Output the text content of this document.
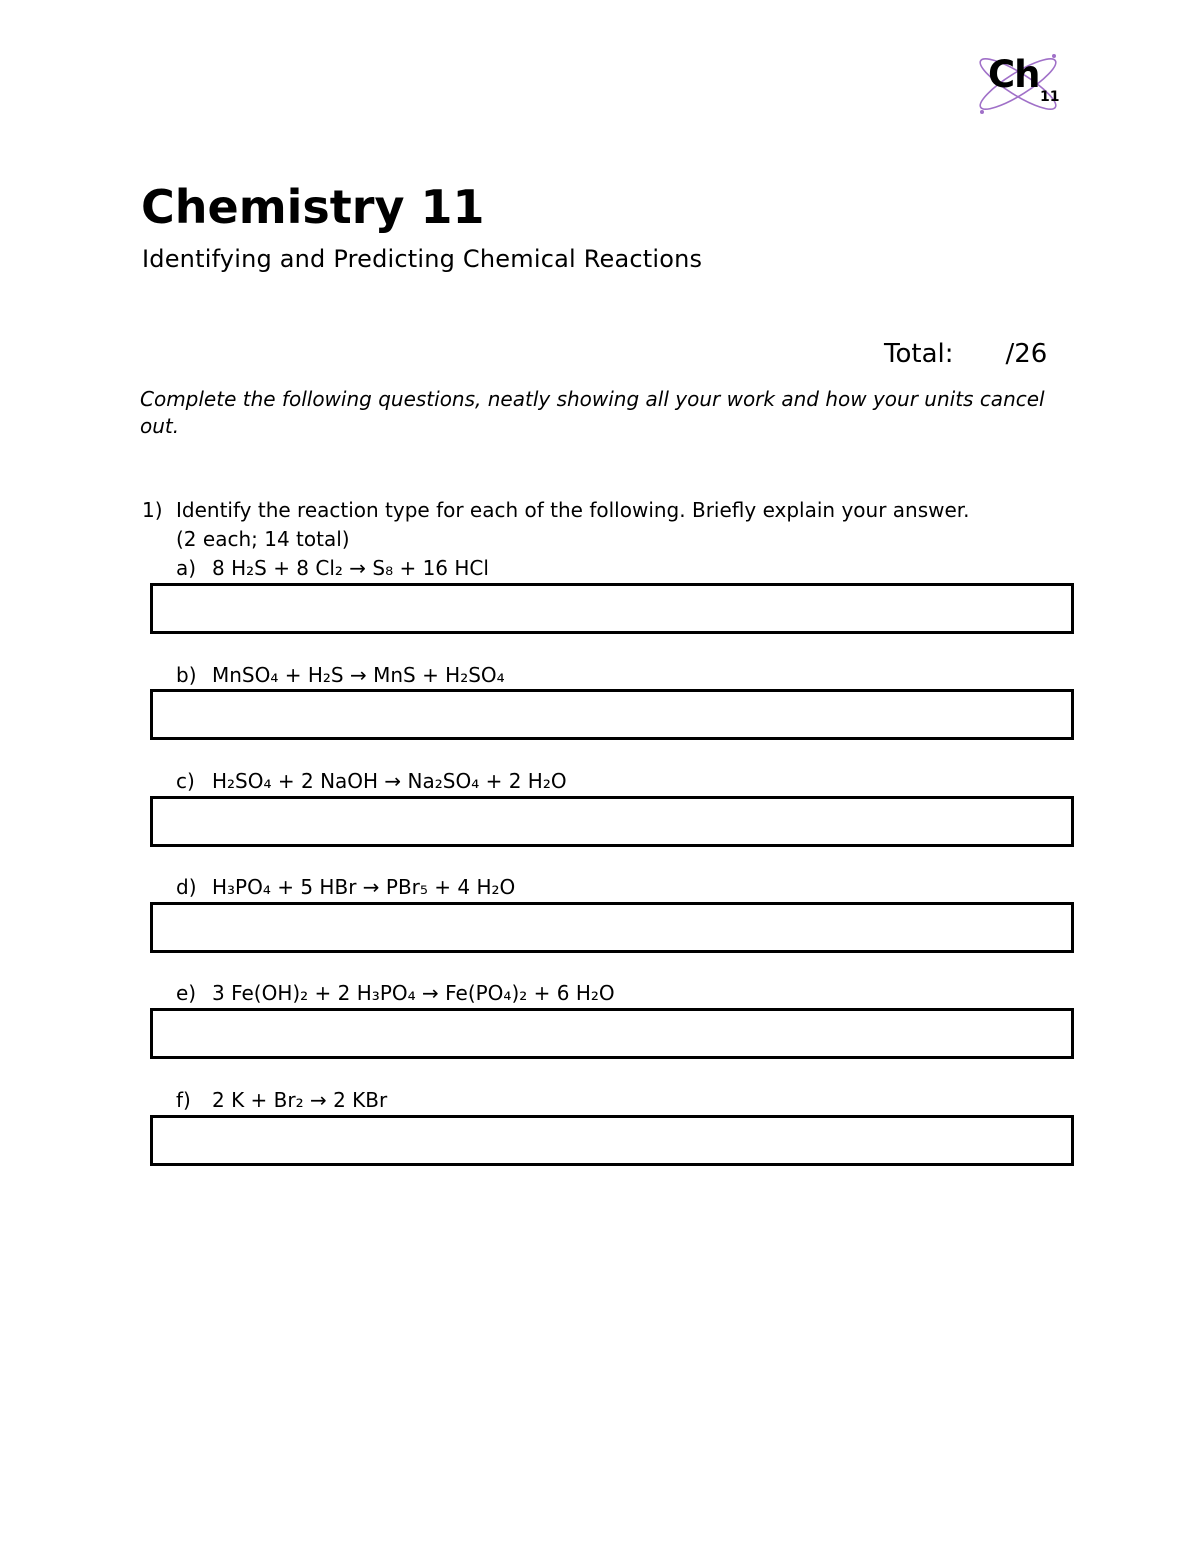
Ch
11
Chemistry 11
Identifying and Predicting Chemical Reactions
Total: /26
Complete the following questions, neatly showing all your work and how your units cancel out.
1) Identify the reaction type for each of the following. Briefly explain your answer.
(2 each; 14 total)
a) 8 H₂S + 8 Cl₂ → S₈ + 16 HCl
b) MnSO₄ + H₂S → MnS + H₂SO₄
c) H₂SO₄ + 2 NaOH → Na₂SO₄ + 2 H₂O
d) H₃PO₄ + 5 HBr → PBr₅ + 4 H₂O
e) 3 Fe(OH)₂ + 2 H₃PO₄ → Fe(PO₄)₂ + 6 H₂O
f) 2 K + Br₂ → 2 KBr
